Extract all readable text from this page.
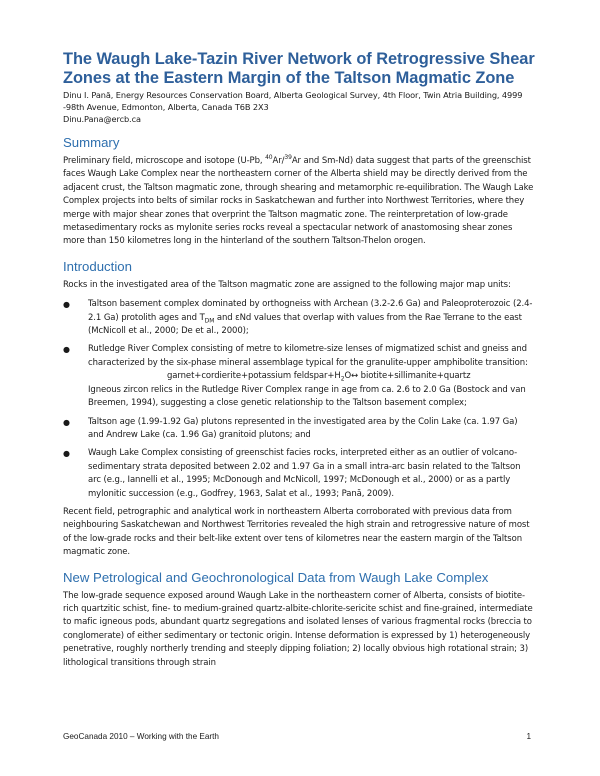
The Waugh Lake-Tazin River Network of Retrogressive Shear Zones at the Eastern Margin of the Taltson Magmatic Zone

Dinu I. Pană, Energy Resources Conservation Board, Alberta Geological Survey, 4th Floor, Twin Atria Building, 4999 -98th Avenue, Edmonton, Alberta, Canada T6B 2X3

Dinu.Pana@ercb.ca

Summary

Preliminary field, microscope and isotope (U-Pb, $^{40}$Ar/$^{39}$Ar and Sm-Nd) data suggest that parts of the greenschist faces Waugh Lake Complex near the northeastern corner of the Alberta shield may be directly derived from the adjacent crust, the Taltson magmatic zone, through shearing and metamorphic re-equilibration. The Waugh Lake Complex projects into belts of similar rocks in Saskatchewan and further into Northwest Territories, where they merge with major shear zones that overprint the Taltson magmatic zone. The reinterpretation of low-grade metasedimentary rocks as mylonite series rocks reveal a spectacular network of anastomosing shear zones more than 150 kilometres long in the hinterland of the southern Taltson-Thelon orogen.

Introduction

Rocks in the investigated area of the Taltson magmatic zone are assigned to the following major map units:

● Taltson basement complex dominated by orthogneiss with Archean (3.2-2.6 Ga) and Paleoproterozoic (2.4-2.1 Ga) protolith ages and $T_{DM}$ and εNd values that overlap with values from the Rae Terrane to the east (McNicoll et al., 2000; De et al., 2000);
● Rutledge River Complex consisting of metre to kilometre-size lenses of migmatized schist and gneiss and characterized by the six-phase mineral assemblage typical for the granulite-upper amphibolite transition:
garnet+cordierite+potassium $feldspar+H_2O\leftrightarrow$ biotite+sillimanite+quartz
Igneous zircon relics in the Rutledge River Complex range in age from ca. 2.6 to 2.0 Ga (Bostock and van Breemen, 1994), suggesting a close genetic relationship to the Taltson basement complex;
● Taltson age (1.99-1.92 Ga) plutons represented in the investigated area by the Colin Lake (ca. 1.97 Ga) and Andrew Lake (ca. 1.96 Ga) granitoid plutons; and
● Waugh Lake Complex consisting of greenschist facies rocks, interpreted either as an outlier of volcano-sedimentary strata deposited between 2.02 and 1.97 Ga in a small intra-arc basin related to the Taltson arc (e.g., Iannelli et al., 1995; McDonough and McNicoll, 1997; McDonough et al., 2000) or as a partly mylonitic succession (e.g., Godfrey, 1963, Salat et al., 1993; Pană, 2009).

Recent field, petrographic and analytical work in northeastern Alberta corroborated with previous data from neighbouring Saskatchewan and Northwest Territories revealed the high strain and retrogressive nature of most of the low-grade rocks and their belt-like extent over tens of kilometres near the eastern margin of the Taltson magmatic zone.

New Petrological and Geochronological Data from Waugh Lake Complex

The low-grade sequence exposed around Waugh Lake in the northeastern corner of Alberta, consists of biotite-rich quartzitic schist, fine- to medium-grained quartz-albite-chlorite-sericite schist and fine-grained, intermediate to mafic igneous pods, abundant quartz segregations and isolated lenses of various fragmental rocks (breccia to conglomerate) of either sedimentary or tectonic origin. Intense deformation is expressed by 1) heterogeneously penetrative, roughly northerly trending and steeply dipping foliation; 2) locally obvious high rotational strain; 3) lithological transitions through strain

GeoCanada 2010 – Working with the Earth	1
